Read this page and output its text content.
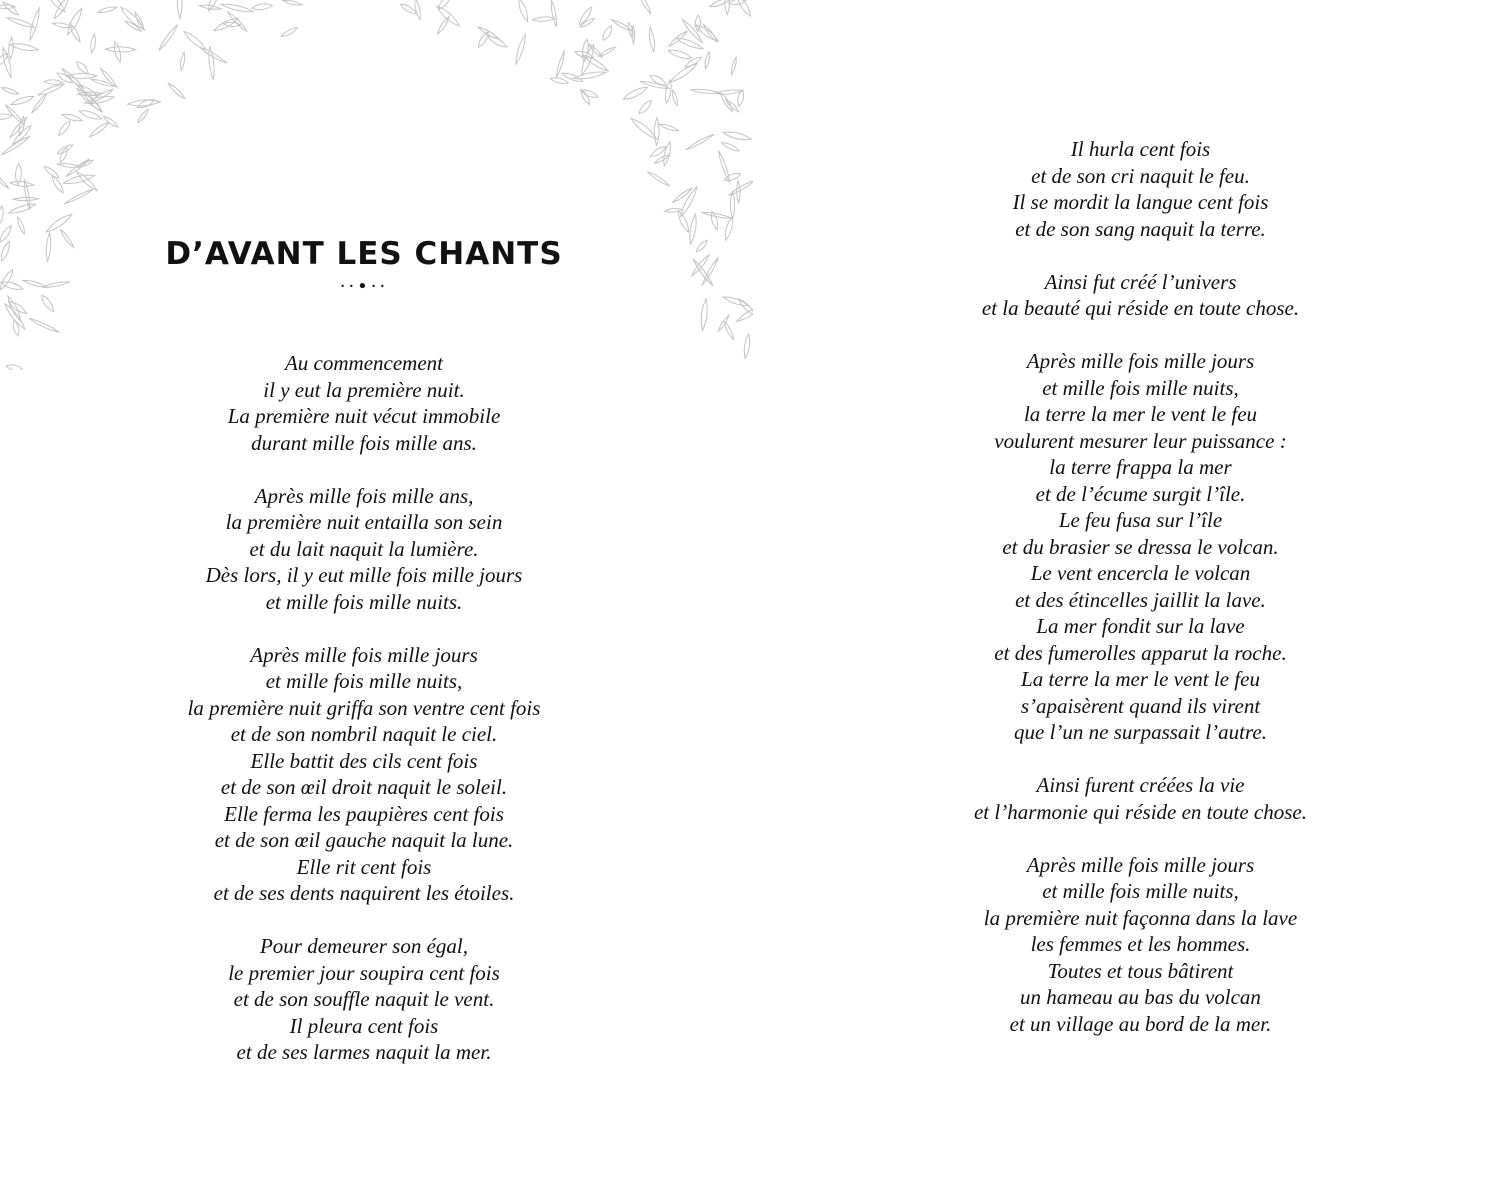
D’AVANT LES CHANTS
··•··
Au commencement
il y eut la première nuit.
La première nuit vécut immobile
durant mille fois mille ans.
Après mille fois mille ans,
la première nuit entailla son sein
et du lait naquit la lumière.
Dès lors, il y eut mille fois mille jours
et mille fois mille nuits.
Après mille fois mille jours
et mille fois mille nuits,
la première nuit griffa son ventre cent fois
et de son nombril naquit le ciel.
Elle battit des cils cent fois
et de son œil droit naquit le soleil.
Elle ferma les paupières cent fois
et de son œil gauche naquit la lune.
Elle rit cent fois
et de ses dents naquirent les étoiles.
Pour demeurer son égal,
le premier jour soupira cent fois
et de son souffle naquit le vent.
Il pleura cent fois
et de ses larmes naquit la mer.
Il hurla cent fois
et de son cri naquit le feu.
Il se mordit la langue cent fois
et de son sang naquit la terre.
Ainsi fut créé l’univers
et la beauté qui réside en toute chose.
Après mille fois mille jours
et mille fois mille nuits,
la terre la mer le vent le feu
voulurent mesurer leur puissance :
la terre frappa la mer
et de l’écume surgit l’île.
Le feu fusa sur l’île
et du brasier se dressa le volcan.
Le vent encercla le volcan
et des étincelles jaillit la lave.
La mer fondit sur la lave
et des fumerolles apparut la roche.
La terre la mer le vent le feu
s’apaisèrent quand ils virent
que l’un ne surpassait l’autre.
Ainsi furent créées la vie
et l’harmonie qui réside en toute chose.
Après mille fois mille jours
et mille fois mille nuits,
la première nuit façonna dans la lave
les femmes et les hommes.
Toutes et tous bâtirent
un hameau au bas du volcan
et un village au bord de la mer.
